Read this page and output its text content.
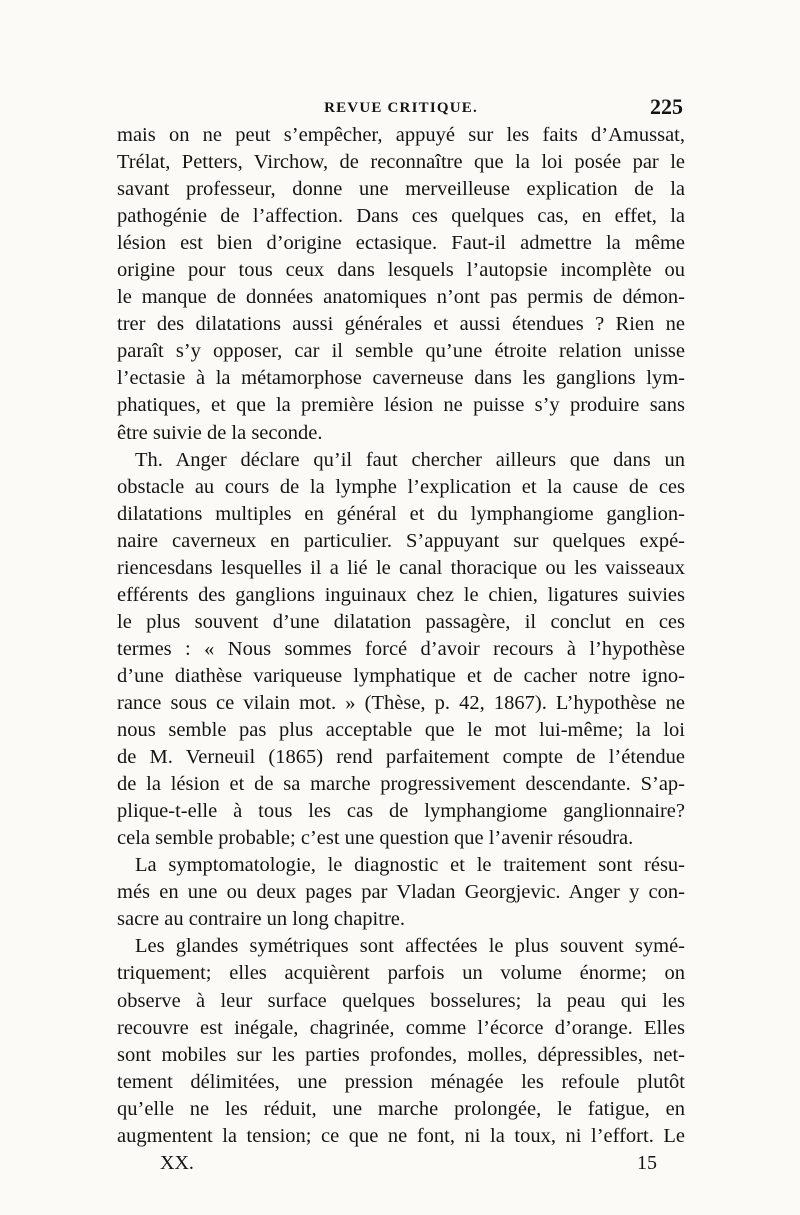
REVUE CRITIQUE.	225
mais on ne peut s’empêcher, appuyé sur les faits d’Amussat,
Trélat, Petters, Virchow, de reconnaître que la loi posée par le
savant professeur, donne une merveilleuse explication de la
pathogénie de l’affection. Dans ces quelques cas, en effet, la
lésion est bien d’origine ectasique. Faut-il admettre la même
origine pour tous ceux dans lesquels l’autopsie incomplète ou
le manque de données anatomiques n’ont pas permis de démon-
trer des dilatations aussi générales et aussi étendues ? Rien ne
paraît s’y opposer, car il semble qu’une étroite relation unisse
l’ectasie à la métamorphose caverneuse dans les ganglions lym-
phatiques, et que la première lésion ne puisse s’y produire sans
être suivie de la seconde.
Th. Anger déclare qu’il faut chercher ailleurs que dans un
obstacle au cours de la lymphe l’explication et la cause de ces
dilatations multiples en général et du lymphangiome ganglion-
naire caverneux en particulier. S’appuyant sur quelques expé-
riencesdans lesquelles il a lié le canal thoracique ou les vaisseaux
efférents des ganglions inguinaux chez le chien, ligatures suivies
le plus souvent d’une dilatation passagère, il conclut en ces
termes : « Nous sommes forcé d’avoir recours à l’hypothèse
d’une diathèse variqueuse lymphatique et de cacher notre igno-
rance sous ce vilain mot. » (Thèse, p. 42, 1867). L’hypothèse ne
nous semble pas plus acceptable que le mot lui-même; la loi
de M. Verneuil (1865) rend parfaitement compte de l’étendue
de la lésion et de sa marche progressivement descendante. S’ap-
plique-t-elle à tous les cas de lymphangiome ganglionnaire?
cela semble probable; c’est une question que l’avenir résoudra.
La symptomatologie, le diagnostic et le traitement sont résu-
més en une ou deux pages par Vladan Georgjevic. Anger y con-
sacre au contraire un long chapitre.
Les glandes symétriques sont affectées le plus souvent symé-
triquement; elles acquièrent parfois un volume énorme; on
observe à leur surface quelques bosselures; la peau qui les
recouvre est inégale, chagrinée, comme l’écorce d’orange. Elles
sont mobiles sur les parties profondes, molles, dépressibles, net-
tement délimitées, une pression ménagée les refoule plutôt
qu’elle ne les réduit, une marche prolongée, le fatigue, en
augmentent la tension; ce que ne font, ni la toux, ni l’effort. Le
XX.	15
